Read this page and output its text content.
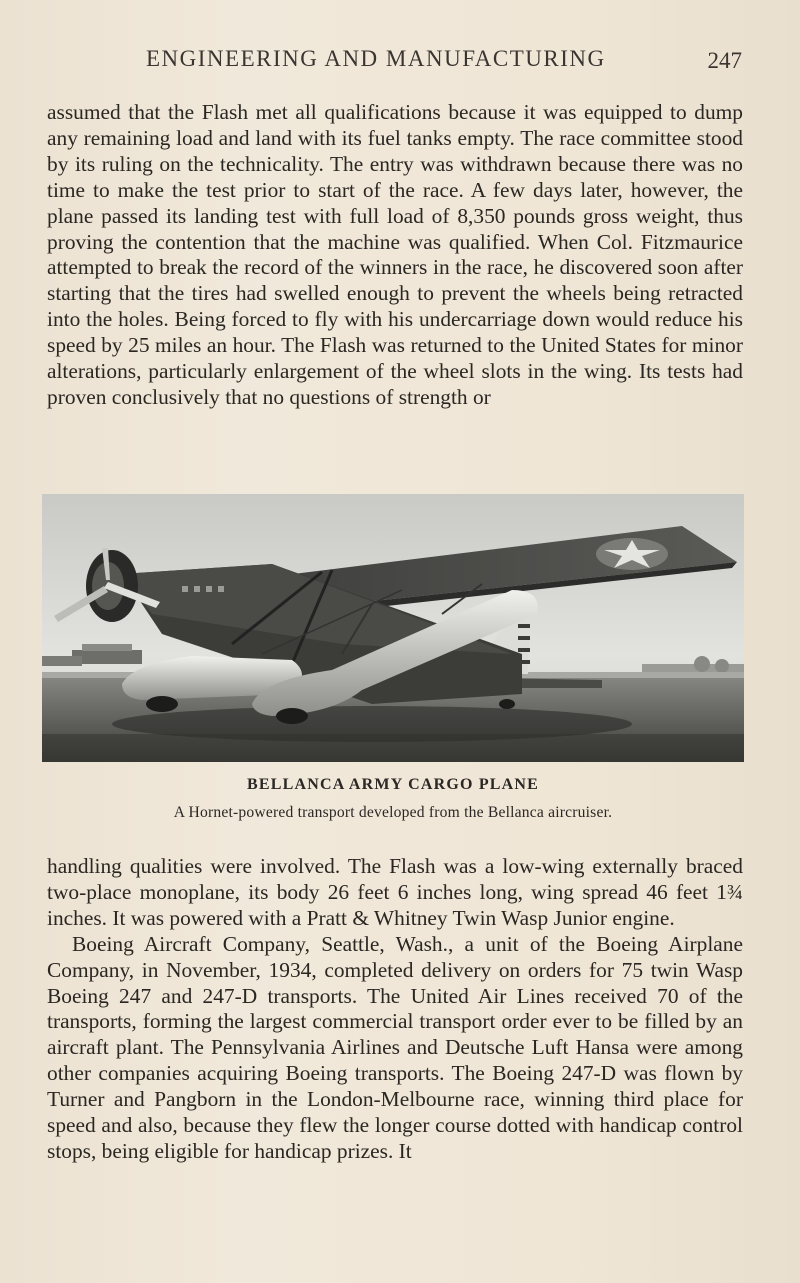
ENGINEERING AND MANUFACTURING	247

assumed that the Flash met all qualifications because it was equipped to dump any remaining load and land with its fuel tanks empty. The race committee stood by its ruling on the technicality. The entry was withdrawn because there was no time to make the test prior to start of the race. A few days later, however, the plane passed its landing test with full load of 8,350 pounds gross weight, thus proving the contention that the machine was qualified. When Col. Fitzmaurice attempted to break the record of the winners in the race, he discovered soon after starting that the tires had swelled enough to prevent the wheels being retracted into the holes. Being forced to fly with his undercarriage down would reduce his speed by 25 miles an hour. The Flash was returned to the United States for minor alterations, particularly enlargement of the wheel slots in the wing. Its tests had proven conclusively that no questions of strength or

BELLANCA ARMY CARGO PLANE
A Hornet-powered transport developed from the Bellanca aircruiser.

handling qualities were involved. The Flash was a low-wing externally braced two-place monoplane, its body 26 feet 6 inches long, wing spread 46 feet 1¾ inches. It was powered with a Pratt & Whitney Twin Wasp Junior engine.

Boeing Aircraft Company, Seattle, Wash., a unit of the Boeing Airplane Company, in November, 1934, completed delivery on orders for 75 twin Wasp Boeing 247 and 247-D transports. The United Air Lines received 70 of the transports, forming the largest commercial transport order ever to be filled by an aircraft plant. The Pennsylvania Airlines and Deutsche Luft Hansa were among other companies acquiring Boeing transports. The Boeing 247-D was flown by Turner and Pangborn in the London-Melbourne race, winning third place for speed and also, because they flew the longer course dotted with handicap control stops, being eligible for handicap prizes. It
